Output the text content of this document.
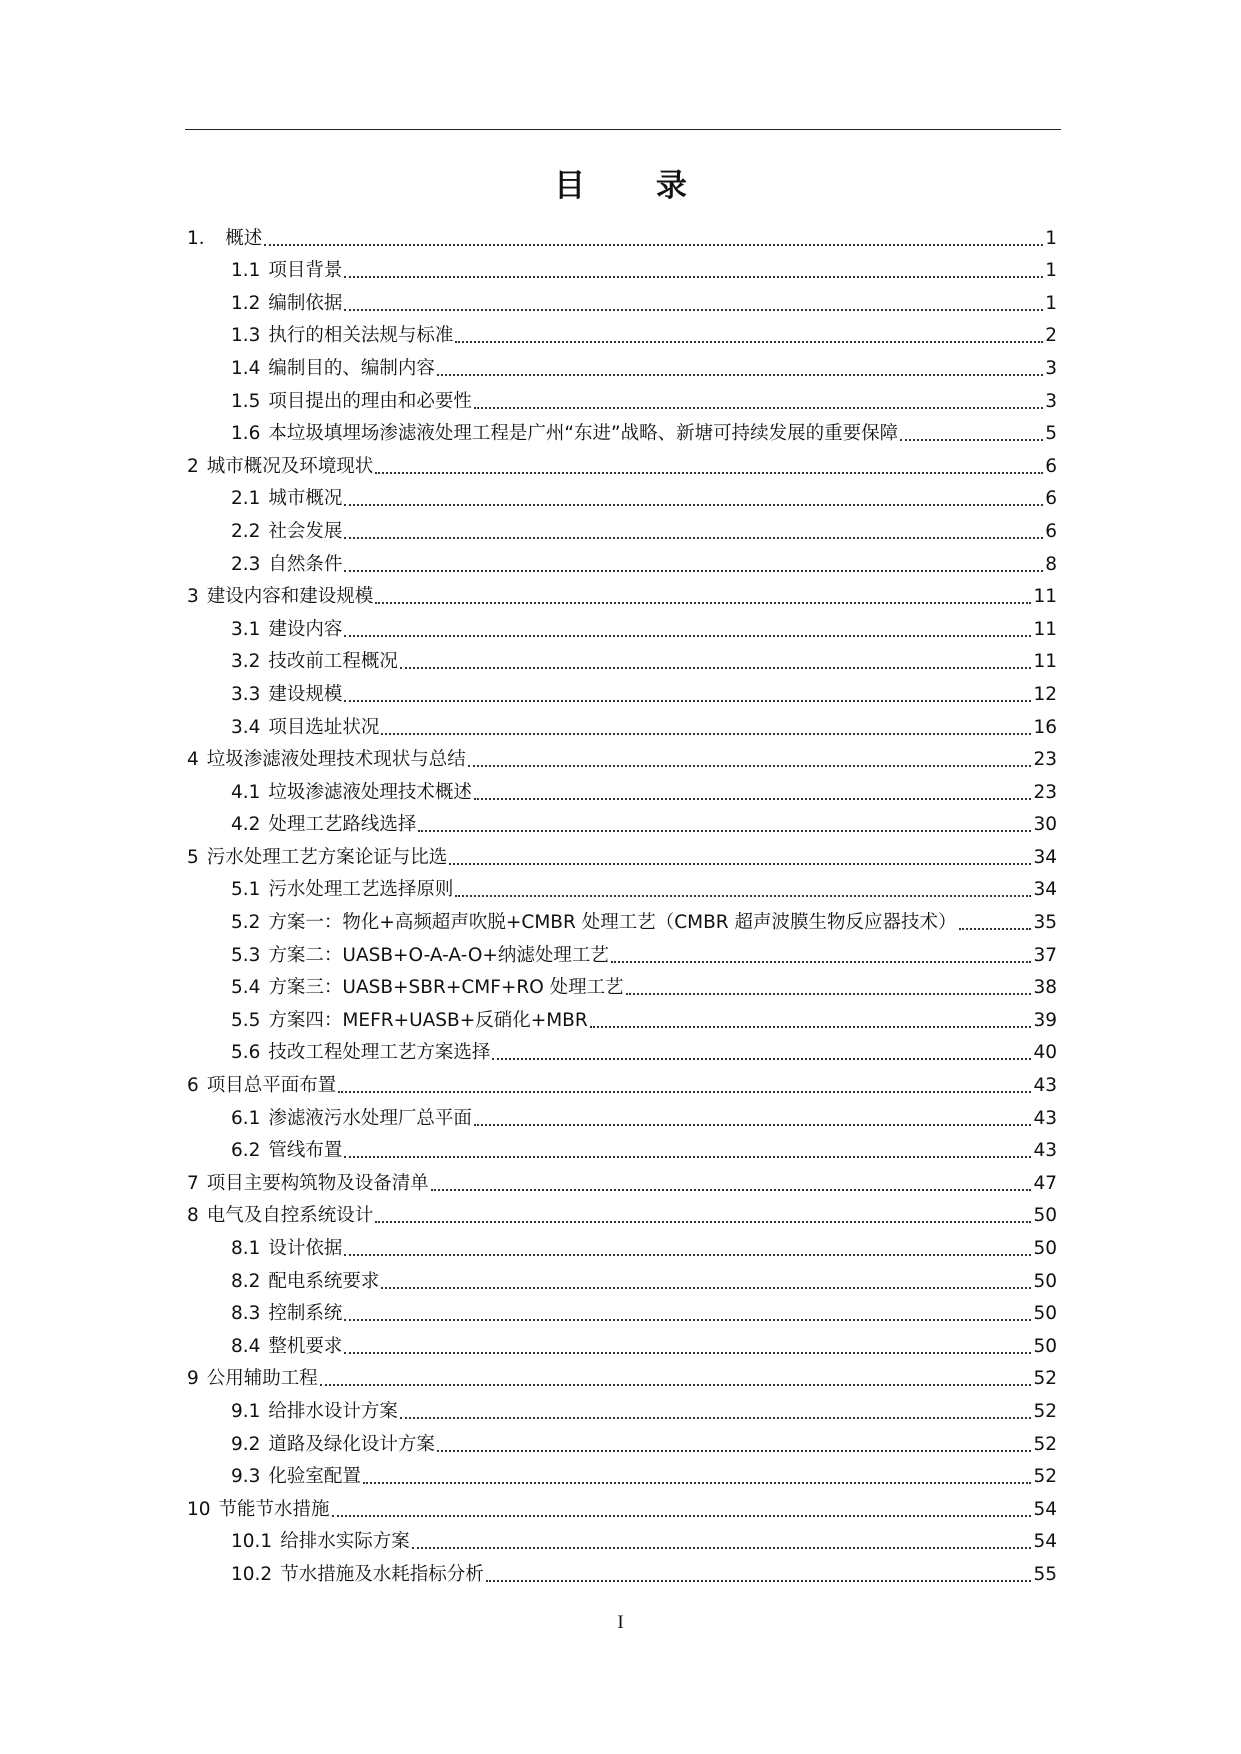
目 录
1． 概述	1
1.1 项目背景	1
1.2 编制依据	1
1.3 执行的相关法规与标准	2
1.4 编制目的、编制内容	3
1.5 项目提出的理由和必要性	3
1.6 本垃圾填埋场渗滤液处理工程是广州“东进”战略、新塘可持续发展的重要保障	5
2 城市概况及环境现状	6
2.1 城市概况	6
2.2 社会发展	6
2.3 自然条件	8
3 建设内容和建设规模	11
3.1 建设内容	11
3.2 技改前工程概况	11
3.3 建设规模	12
3.4 项目选址状况	16
4 垃圾渗滤液处理技术现状与总结	23
4.1 垃圾渗滤液处理技术概述	23
4.2 处理工艺路线选择	30
5 污水处理工艺方案论证与比选	34
5.1 污水处理工艺选择原则	34
5.2 方案一：物化+高频超声吹脱+CMBR 处理工艺（CMBR 超声波膜生物反应器技术）	35
5.3 方案二：UASB+O-A-A-O+纳滤处理工艺	37
5.4 方案三：UASB+SBR+CMF+RO 处理工艺	38
5.5 方案四：MEFR+UASB+反硝化+MBR	39
5.6 技改工程处理工艺方案选择	40
6 项目总平面布置	43
6.1 渗滤液污水处理厂总平面	43
6.2 管线布置	43
7 项目主要构筑物及设备清单	47
8 电气及自控系统设计	50
8.1 设计依据	50
8.2 配电系统要求	50
8.3 控制系统	50
8.4 整机要求	50
9 公用辅助工程	52
9.1 给排水设计方案	52
9.2 道路及绿化设计方案	52
9.3 化验室配置	52
10 节能节水措施	54
10.1 给排水实际方案	54
10.2 节水措施及水耗指标分析	55
I
